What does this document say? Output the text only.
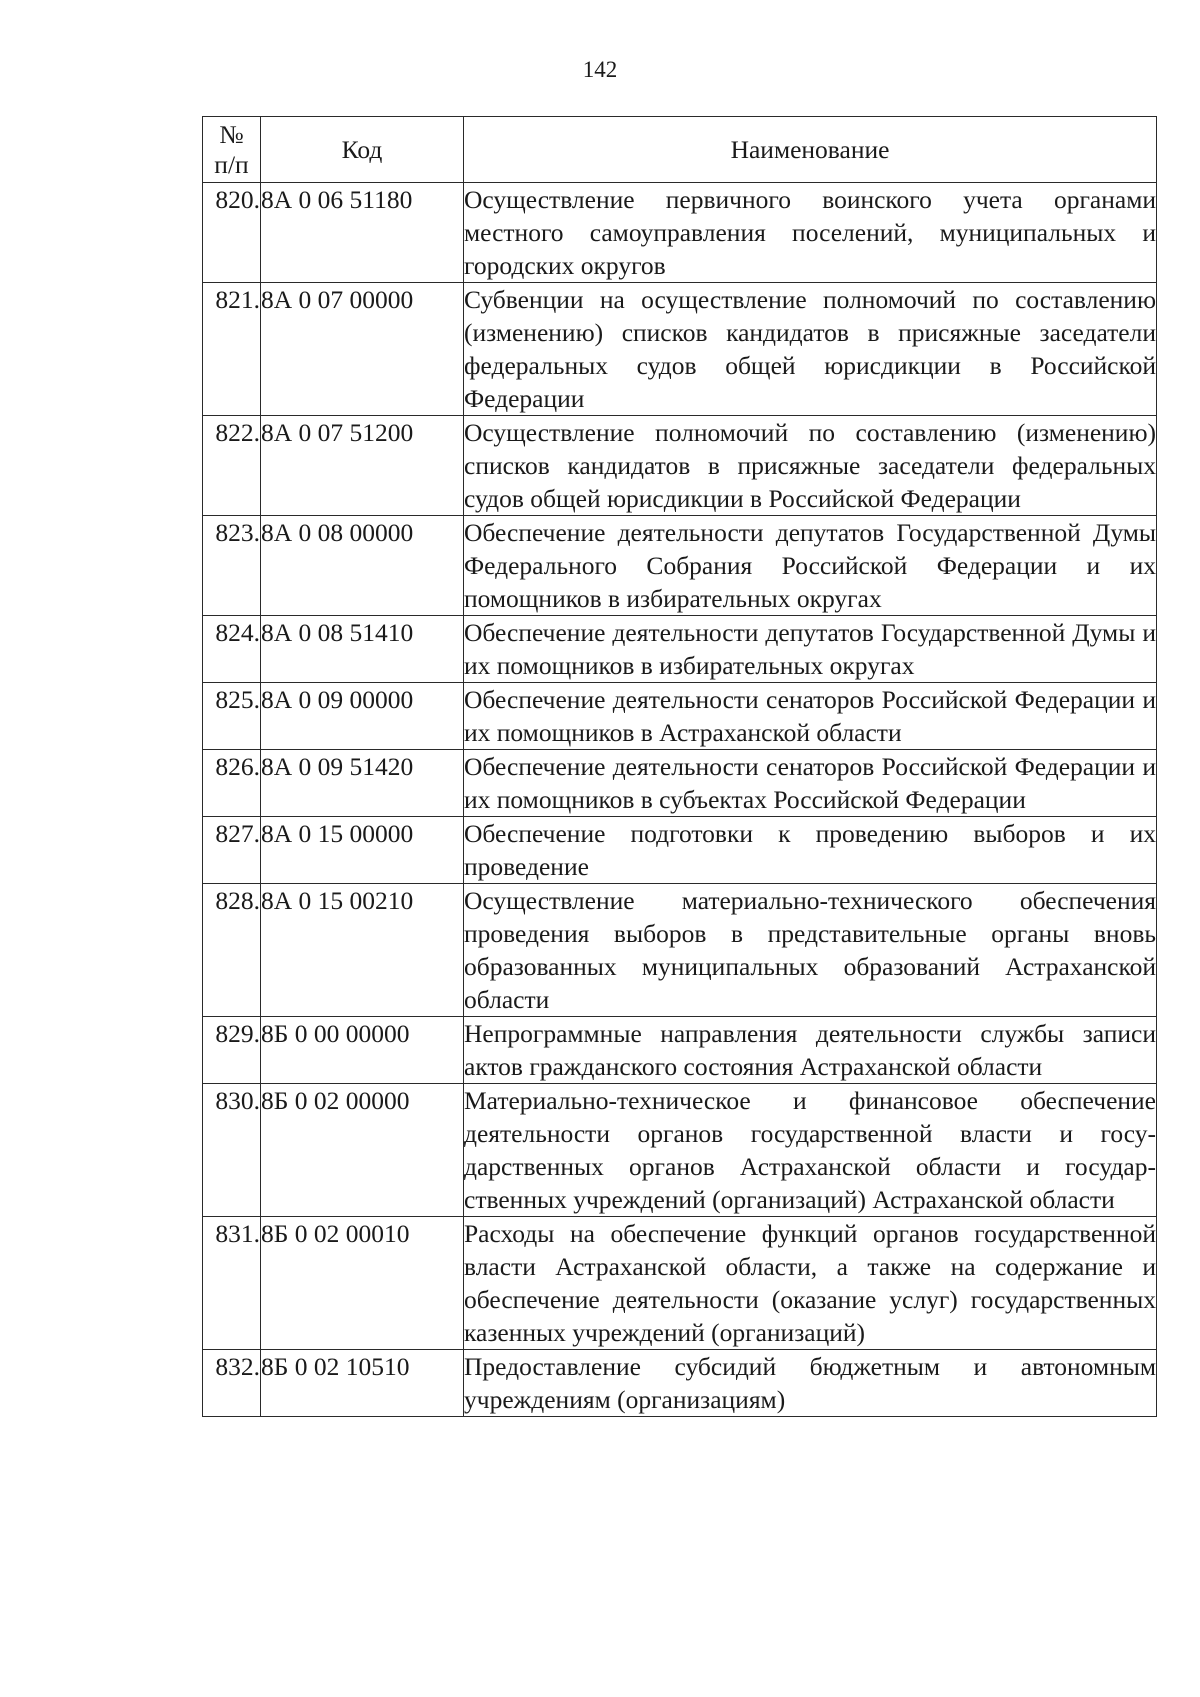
142
№
п/п	Код	Наименование
820.	8А 0 06 51180	Осуществление первичного воинского учета органами местного самоуправления поселений, муниципальных и городских округов
821.	8А 0 07 00000	Субвенции на осуществление полномочий по составлению (изменению) списков кандидатов в присяжные заседатели федеральных судов общей юрисдикции в Российской Федерации
822.	8А 0 07 51200	Осуществление полномочий по составлению (изменению) списков кандидатов в присяжные заседатели федеральных судов общей юрисдикции в Российской Федерации
823.	8А 0 08 00000	Обеспечение деятельности депутатов Государственной Думы Федерального Собрания Российской Федерации и их помощников в избирательных округах
824.	8А 0 08 51410	Обеспечение деятельности депутатов Государственной Думы и их помощников в избирательных округах
825.	8А 0 09 00000	Обеспечение деятельности сенаторов Российской Федерации и их помощников в Астраханской области
826.	8А 0 09 51420	Обеспечение деятельности сенаторов Российской Федерации и их помощников в субъектах Российской Федерации
827.	8А 0 15 00000	Обеспечение подготовки к проведению выборов и их проведение
828.	8А 0 15 00210	Осуществление материально-технического обеспечения проведения выборов в представительные органы вновь образованных муниципальных образований Астраханской области
829.	8Б 0 00 00000	Непрограммные направления деятельности службы записи актов гражданского состояния Астраханской области
830.	8Б 0 02 00000	Материально-техническое и финансовое обеспечение деятельности органов государственной власти и государственных органов Астраханской области и государственных учреждений (организаций) Астраханской области
831.	8Б 0 02 00010	Расходы на обеспечение функций органов государственной власти Астраханской области, а также на содержание и обеспечение деятельности (оказание услуг) государственных казенных учреждений (организаций)
832.	8Б 0 02 10510	Предоставление субсидий бюджетным и автономным учреждениям (организациям)
